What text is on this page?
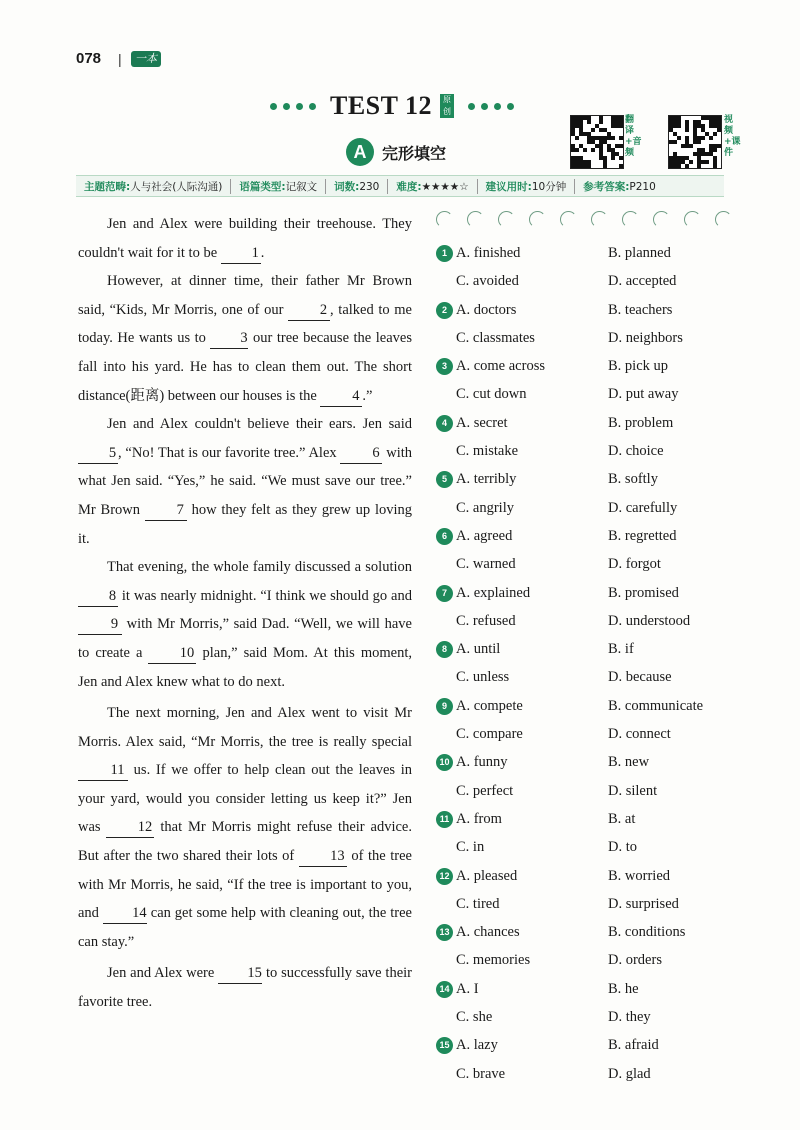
078 |	一本
TEST 12	原创
A 完形填空
翻译+音频
视频+课件
主题范畴:人与社会(人际沟通)	语篇类型:记叙文	词数:230	难度:★★★★☆	建议用时:10分钟	参考答案:P210

Jen and Alex were building their treehouse. They couldn't wait for it to be 1 .

However, at dinner time, their father Mr Brown said, “Kids, Mr Morris, one of our 2 , talked to me today. He wants us to 3 our tree because the leaves fall into his yard. He has to clean them out. The short distance(距离) between our houses is the 4 .”

Jen and Alex couldn't believe their ears. Jen said 5 , “No! That is our favorite tree.” Alex 6 with what Jen said. “Yes,” he said. “We must save our tree.” Mr Brown 7 how they felt as they grew up loving it.

That evening, the whole family discussed a solution 8 it was nearly midnight. “I think we should go and 9 with Mr Morris,” said Dad. “Well, we will have to create a 10 plan,” said Mom. At this moment, Jen and Alex knew what to do next.

The next morning, Jen and Alex went to visit Mr Morris. Alex said, “Mr Morris, the tree is really special 11 us. If we offer to help clean out the leaves in your yard, would you consider letting us keep it?” Jen was 12 that Mr Morris might refuse their advice. But after the two shared their lots of 13 of the tree with Mr Morris, he said, “If the tree is important to you, and 14 can get some help with cleaning out, the tree can stay.”

Jen and Alex were 15 to successfully save their favorite tree.

1 A. finished	B. planned
C. avoided	D. accepted
2 A. doctors	B. teachers
C. classmates	D. neighbors
3 A. come across	B. pick up
C. cut down	D. put away
4 A. secret	B. problem
C. mistake	D. choice
5 A. terribly	B. softly
C. angrily	D. carefully
6 A. agreed	B. regretted
C. warned	D. forgot
7 A. explained	B. promised
C. refused	D. understood
8 A. until	B. if
C. unless	D. because
9 A. compete	B. communicate
C. compare	D. connect
10 A. funny	B. new
C. perfect	D. silent
11 A. from	B. at
C. in	D. to
12 A. pleased	B. worried
C. tired	D. surprised
13 A. chances	B. conditions
C. memories	D. orders
14 A. I	B. he
C. she	D. they
15 A. lazy	B. afraid
C. brave	D. glad
